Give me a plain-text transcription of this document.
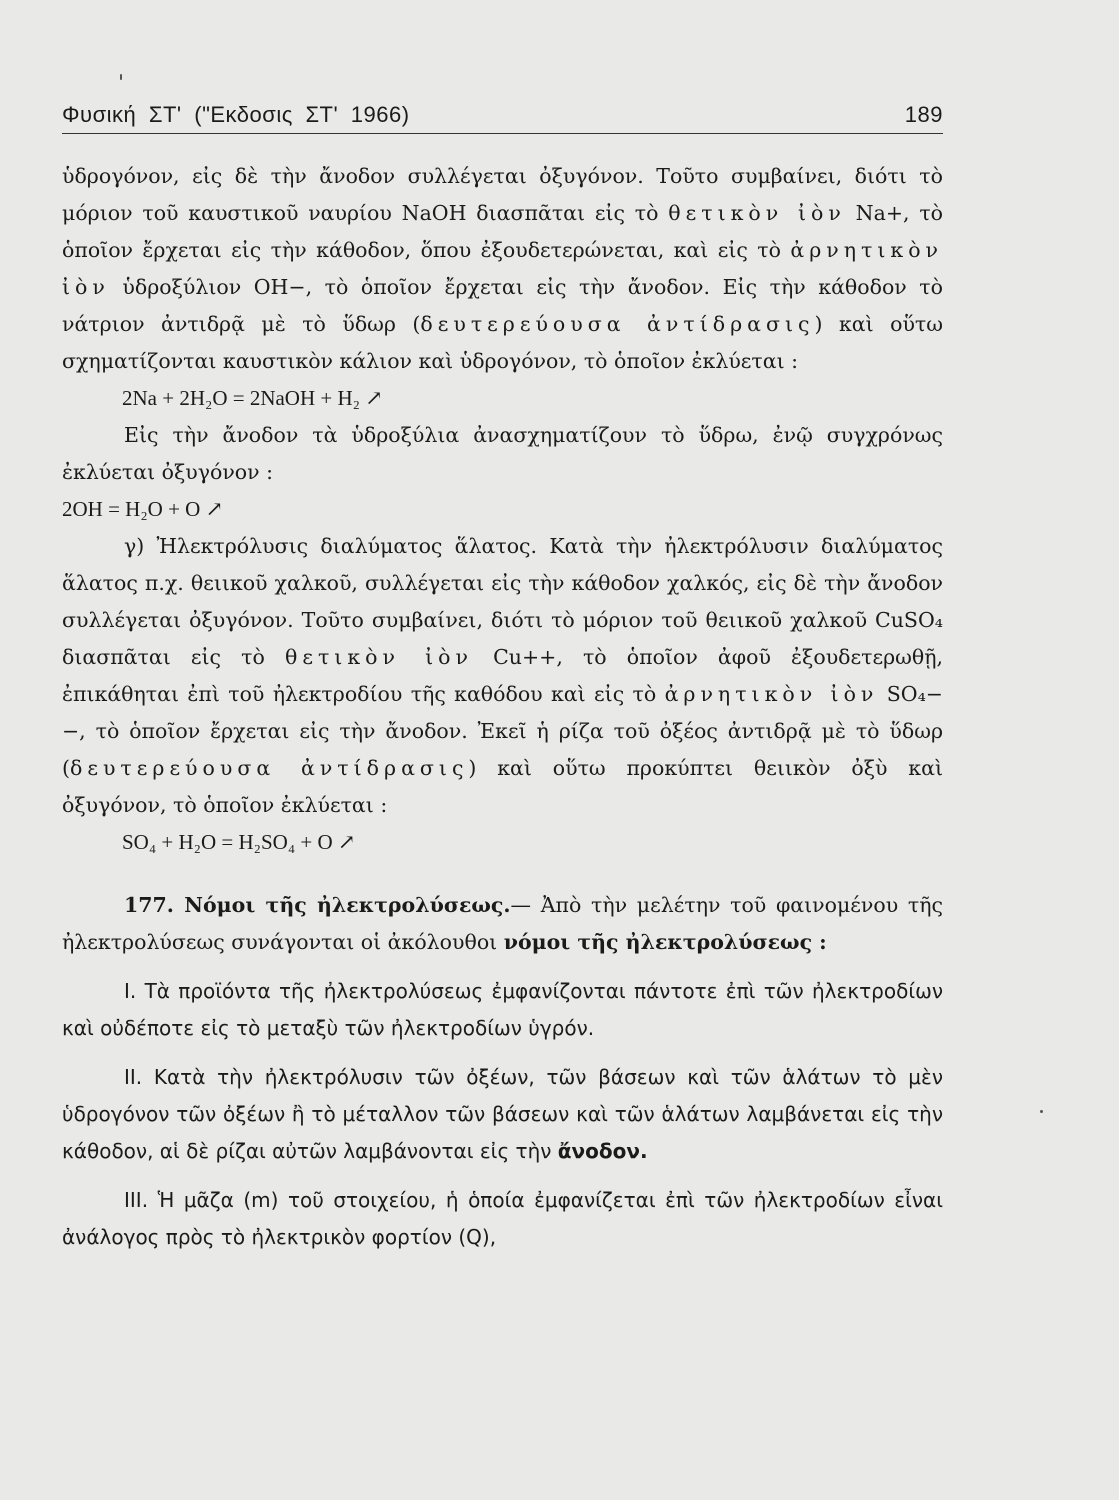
Φυσική ΣΤ' ("Εκδοσις ΣΤ' 1966)	189

ὑδρογόνον, εἰς δὲ τὴν ἄνοδον συλλέγεται ὀξυγόνον. Τοῦτο συμβαίνει, διότι τὸ μόριον τοῦ καυστικοῦ ναυρίου NaOH διασπᾶται εἰς τὸ θετικὸν ἰὸν Na+, τὸ ὁποῖον ἔρχεται εἰς τὴν κάθοδον, ὅπου ἐξουδετερώνεται, καὶ εἰς τὸ ἀρνητικὸν ἰὸν ὑδροξύλιον OH−, τὸ ὁποῖον ἔρχεται εἰς τὴν ἄνοδον. Εἰς τὴν κάθοδον τὸ νάτριον ἀντιδρᾷ μὲ τὸ ὕδωρ (δευτερεύουσα ἀντίδρασις) καὶ οὕτω σχηματίζονται καυστικὸν κάλιον καὶ ὑδρογόνον, τὸ ὁποῖον ἐκλύεται :

2Na + 2H₂O = 2NaOH + H₂ ↗

Εἰς τὴν ἄνοδον τὰ ὑδροξύλια ἀνασχηματίζουν τὸ ὕδρω, ἐνῷ συγχρόνως ἐκλύεται ὀξυγόνον :

2OH = H₂O + O ↗

γ) Ἠλεκτρόλυσις διαλύματος ἅλατος. Κατὰ τὴν ἠλεκτρόλυσιν διαλύματος ἅλατος π.χ. θειικοῦ χαλκοῦ, συλλέγεται εἰς τὴν κάθοδον χαλκός, εἰς δὲ τὴν ἄνοδον συλλέγεται ὀξυγόνον. Τοῦτο συμβαίνει, διότι τὸ μόριον τοῦ θειικοῦ χαλκοῦ CuSO₄ διασπᾶται εἰς τὸ θετικὸν ἰὸν Cu++, τὸ ὁποῖον ἀφοῦ ἐξουδετερωθῇ, ἐπικάθηται ἐπὶ τοῦ ἠλεκτροδίου τῆς καθόδου καὶ εἰς τὸ ἀρνητικὸν ἰὸν SO₄−−, τὸ ὁποῖον ἔρχεται εἰς τὴν ἄνοδον. Ἐκεῖ ἡ ρίζα τοῦ ὀξέος ἀντιδρᾷ μὲ τὸ ὕδωρ (δευτερεύουσα ἀντίδρασις) καὶ οὕτω προκύπτει θειικὸν ὀξὺ καὶ ὀξυγόνον, τὸ ὁποῖον ἐκλύεται :

SO₄ + H₂O = H₂SO₄ + O ↗

177. Νόμοι τῆς ἠλεκτρολύσεως.— Ἀπὸ τὴν μελέτην τοῦ φαινομένου τῆς ἠλεκτρολύσεως συνάγονται οἱ ἀκόλουθοι νόμοι τῆς ἠλεκτρολύσεως :

Ι. Τὰ προϊόντα τῆς ἠλεκτρολύσεως ἐμφανίζονται πάντοτε ἐπὶ τῶν ἠλεκτροδίων καὶ οὐδέποτε εἰς τὸ μεταξὺ τῶν ἠλεκτροδίων ὑγρόν.

ΙΙ. Κατὰ τὴν ἠλεκτρόλυσιν τῶν ὀξέων, τῶν βάσεων καὶ τῶν ἁλάτων τὸ μὲν ὑδρογόνον τῶν ὀξέων ἢ τὸ μέταλλον τῶν βάσεων καὶ τῶν ἁλάτων λαμβάνεται εἰς τὴν κάθοδον, αἱ δὲ ρίζαι αὐτῶν λαμβάνονται εἰς τὴν ἄνοδον.

ΙΙΙ. Ἡ μᾶζα (m) τοῦ στοιχείου, ἡ ὁποία ἐμφανίζεται ἐπὶ τῶν ἠλεκτροδίων εἶναι ἀνάλογος πρὸς τὸ ἠλεκτρικὸν φορτίον (Q),
